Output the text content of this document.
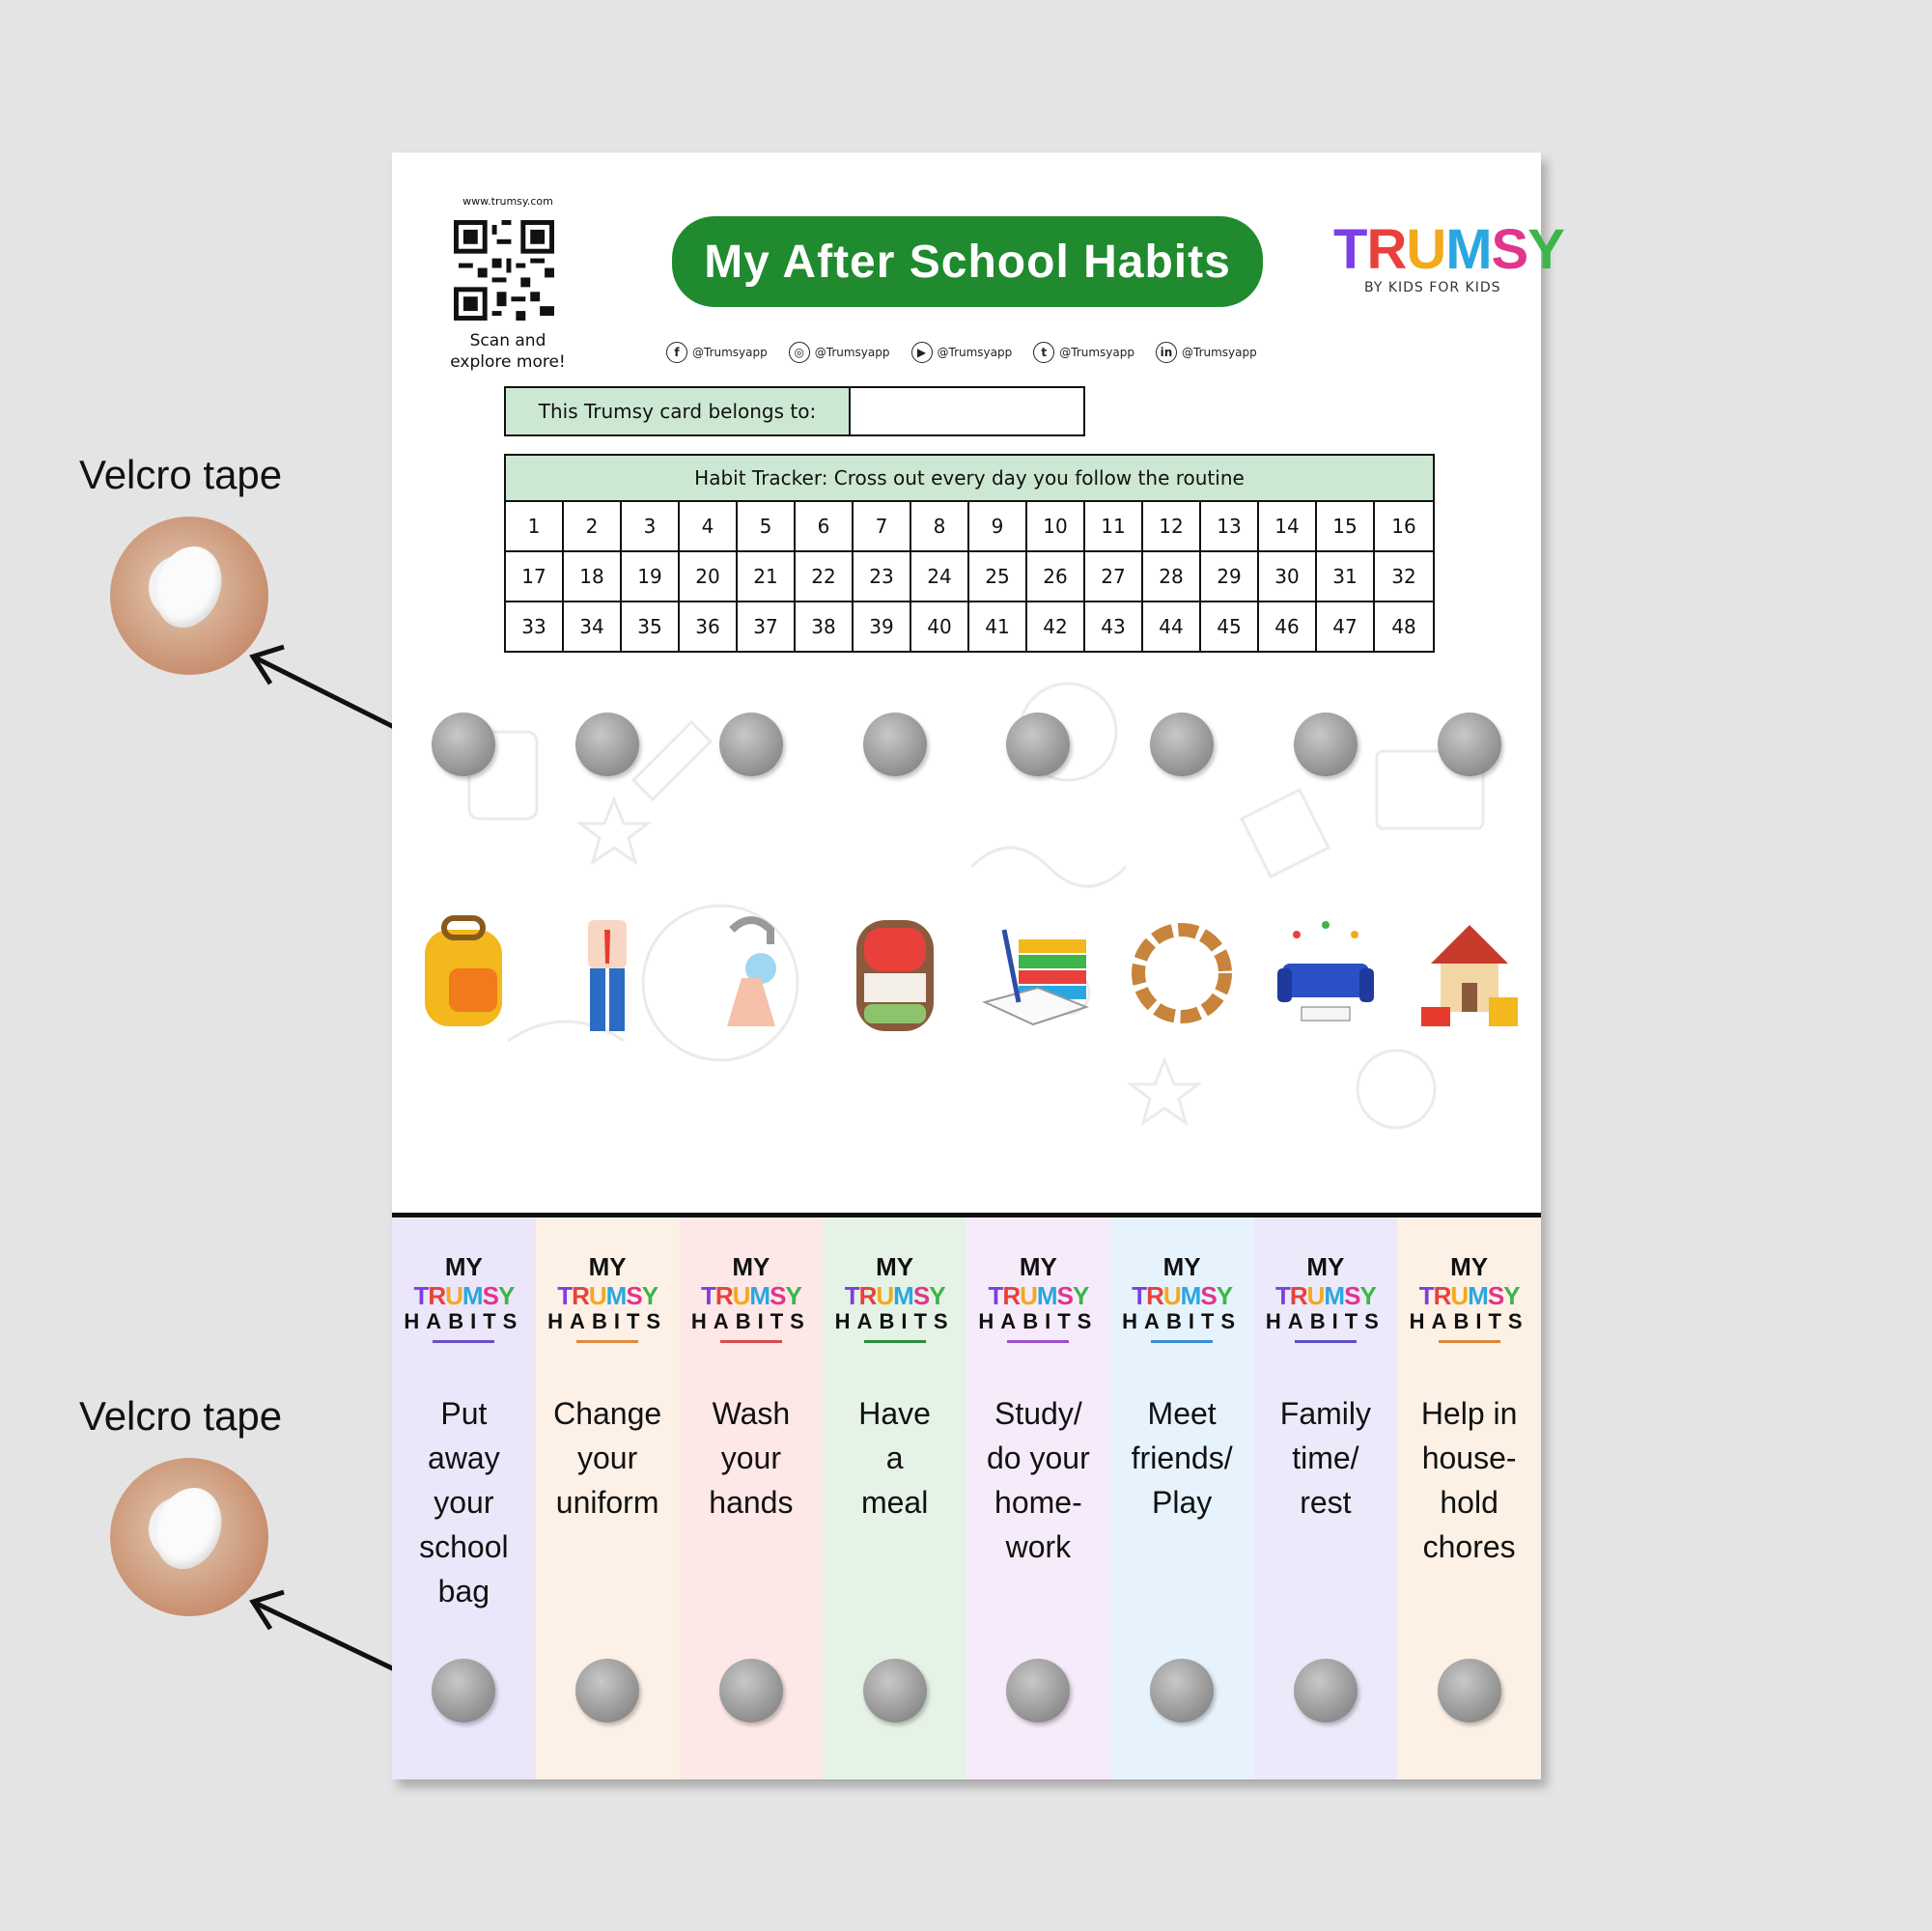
Velcro tape
Velcro tape
www.trumsy.com
Scan and
explore more!
My After School Habits TRUMSY
BY KIDS FOR KIDS
f	@Trumsyapp	◎ @Trumsyapp	▶ @Trumsyapp	t	@Trumsyapp	in @Trumsyapp
This Trumsy card belongs to:
Habit Tracker: Cross out every day you follow the routine
1	2	3	4	5	6	7	8	9	10	11	12	13	14	15	16
17	18	19	20	21	22	23	24	25	26	27	28	29	30	31	32
33	34	35	36	37	38	39	40	41	42	43	44	45	46	47	48
MY
TRUMSY
HABITS
Put
away
your
school
bag
MY
TRUMSY
HABITS
Change
your
uniform
MY
TRUMSY
HABITS
Wash
your
hands
MY
TRUMSY
HABITS
Have
a
meal
MY
TRUMSY
HABITS
Study/
do your
home-
work
MY
TRUMSY
HABITS
Meet
friends/
Play
MY
TRUMSY
HABITS
Family
time/
rest
MY
TRUMSY
HABITS
Help in
house-
hold
chores
